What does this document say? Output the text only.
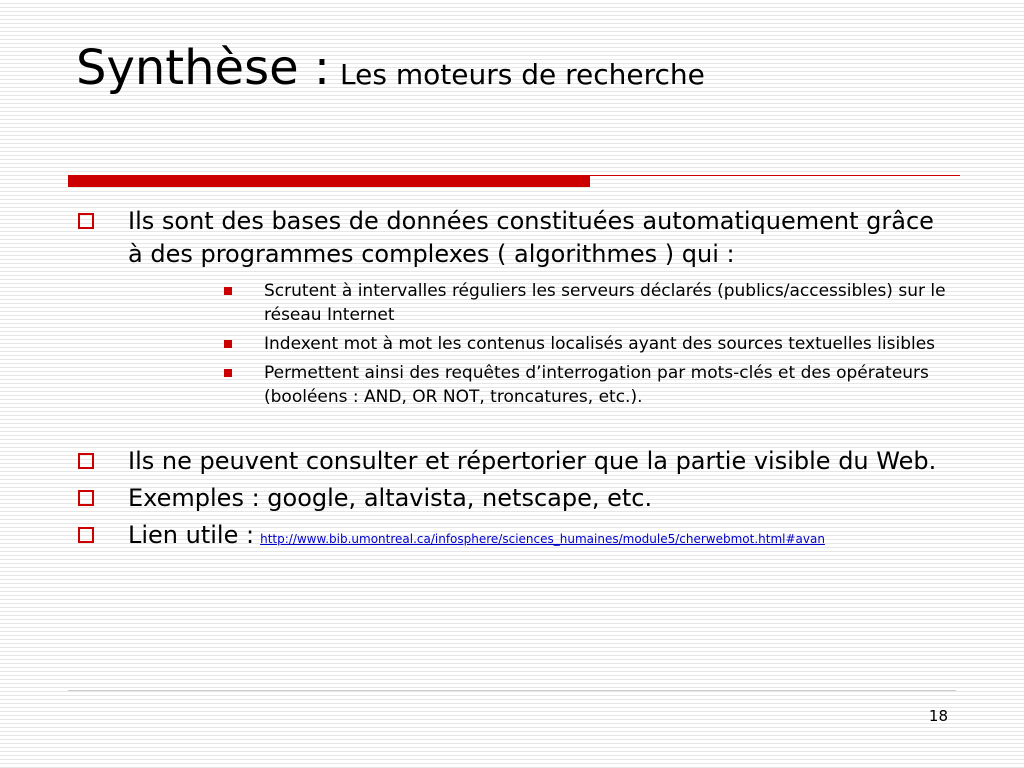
Synthèse : Les moteurs de recherche
Ils sont des bases de données constituées automatiquement grâce à des programmes complexes ( algorithmes ) qui :
Scrutent à intervalles réguliers les serveurs déclarés (publics/accessibles) sur le réseau Internet
Indexent mot à mot les contenus localisés ayant des sources textuelles lisibles
Permettent ainsi des requêtes d’interrogation par mots-clés et des opérateurs (booléens : AND, OR NOT, troncatures, etc.).
Ils ne peuvent consulter et répertorier que la partie visible du Web.
Exemples : google, altavista, netscape, etc.
Lien utile : http://www.bib.umontreal.ca/infosphere/sciences_humaines/module5/cherwebmot.html#avan
18
